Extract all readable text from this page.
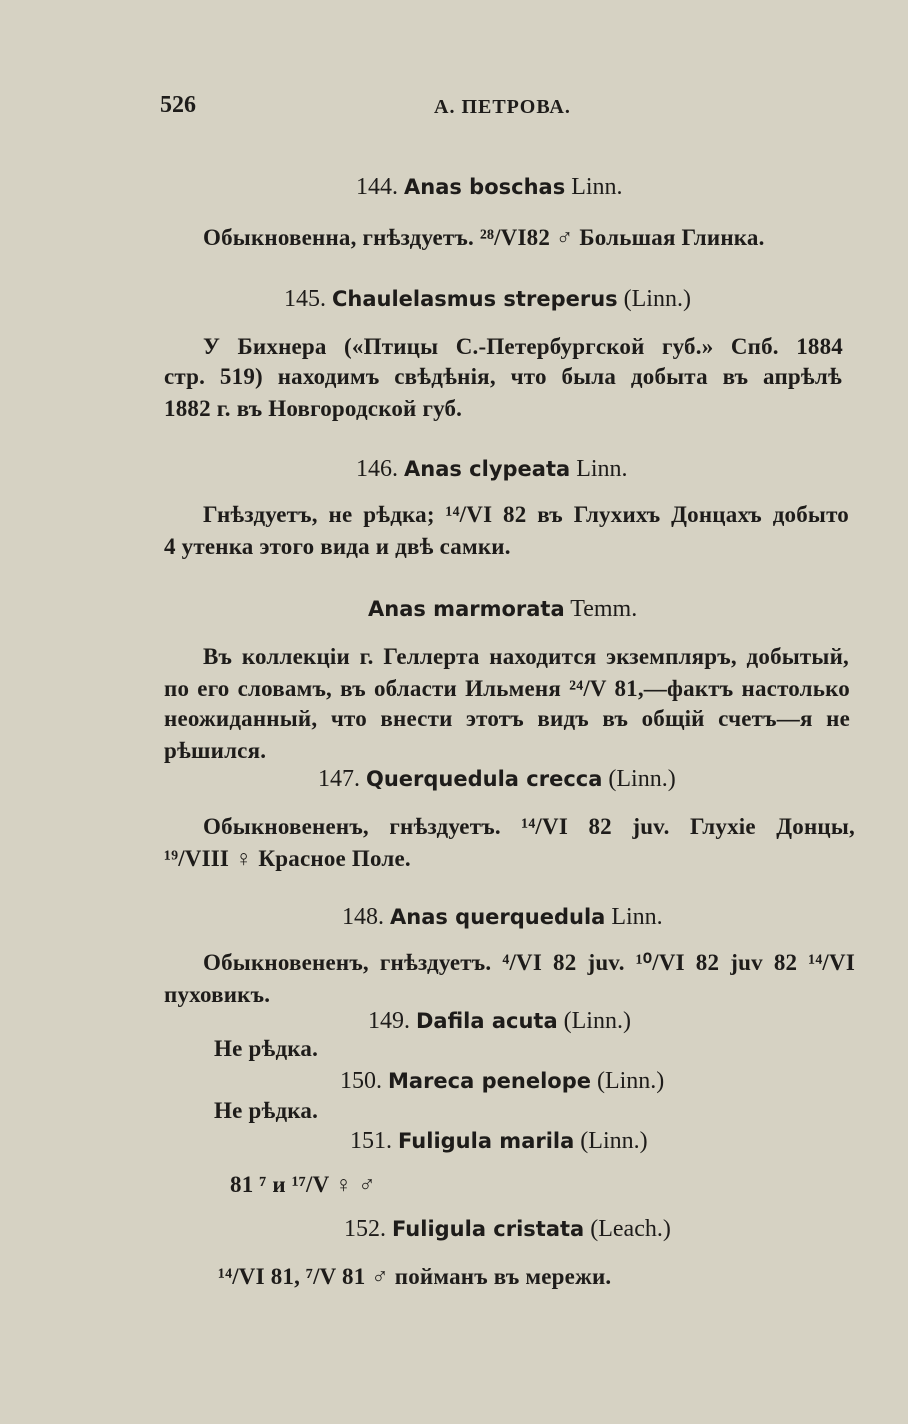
526	А. ПЕТРОВА.
144. Anas boschas Linn.
Обыкновенна, гнѣздуетъ. ²⁸/VI82 ♂ Большая Глинка.
145. Chaulelasmus streperus (Linn.)
У Бихнера («Птицы С.-Петербургской губ.» Спб. 1884
стр. 519) находимъ свѣдѣнія, что была добыта въ апрѣлѣ
1882 г. въ Новгородской губ.
146. Anas clypeata Linn.
Гнѣздуетъ, не рѣдка; ¹⁴/VI 82 въ Глухихъ Донцахъ добыто
4 утенка этого вида и двѣ самки.
Anas marmorata Temm.
Въ коллекціи г. Геллерта находится экземпляръ, добытый,
по его словамъ, въ области Ильменя ²⁴/V 81,—фактъ настолько
неожиданный, что внести этотъ видъ въ общій счетъ—я не
рѣшился.
147. Querquedula crecca (Linn.)
Обыкновененъ, гнѣздуетъ. ¹⁴/VI 82 juv. Глухіе Донцы,
¹⁹/VIII ♀ Красное Поле.
148. Anas querquedula Linn.
Обыкновененъ, гнѣздуетъ. ⁴/VI 82 juv. ¹⁰/VI 82 juv 82 ¹⁴/VI
пуховикъ.
149. Dafila acuta (Linn.)
Не рѣдка.
150. Mareca penelope (Linn.)
Не рѣдка.
151. Fuligula marila (Linn.)
81 ⁷ и ¹⁷/V ♀ ♂
152. Fuligula cristata (Leach.)
¹⁴/VI 81, ⁷/V 81 ♂ пойманъ въ мережи.
